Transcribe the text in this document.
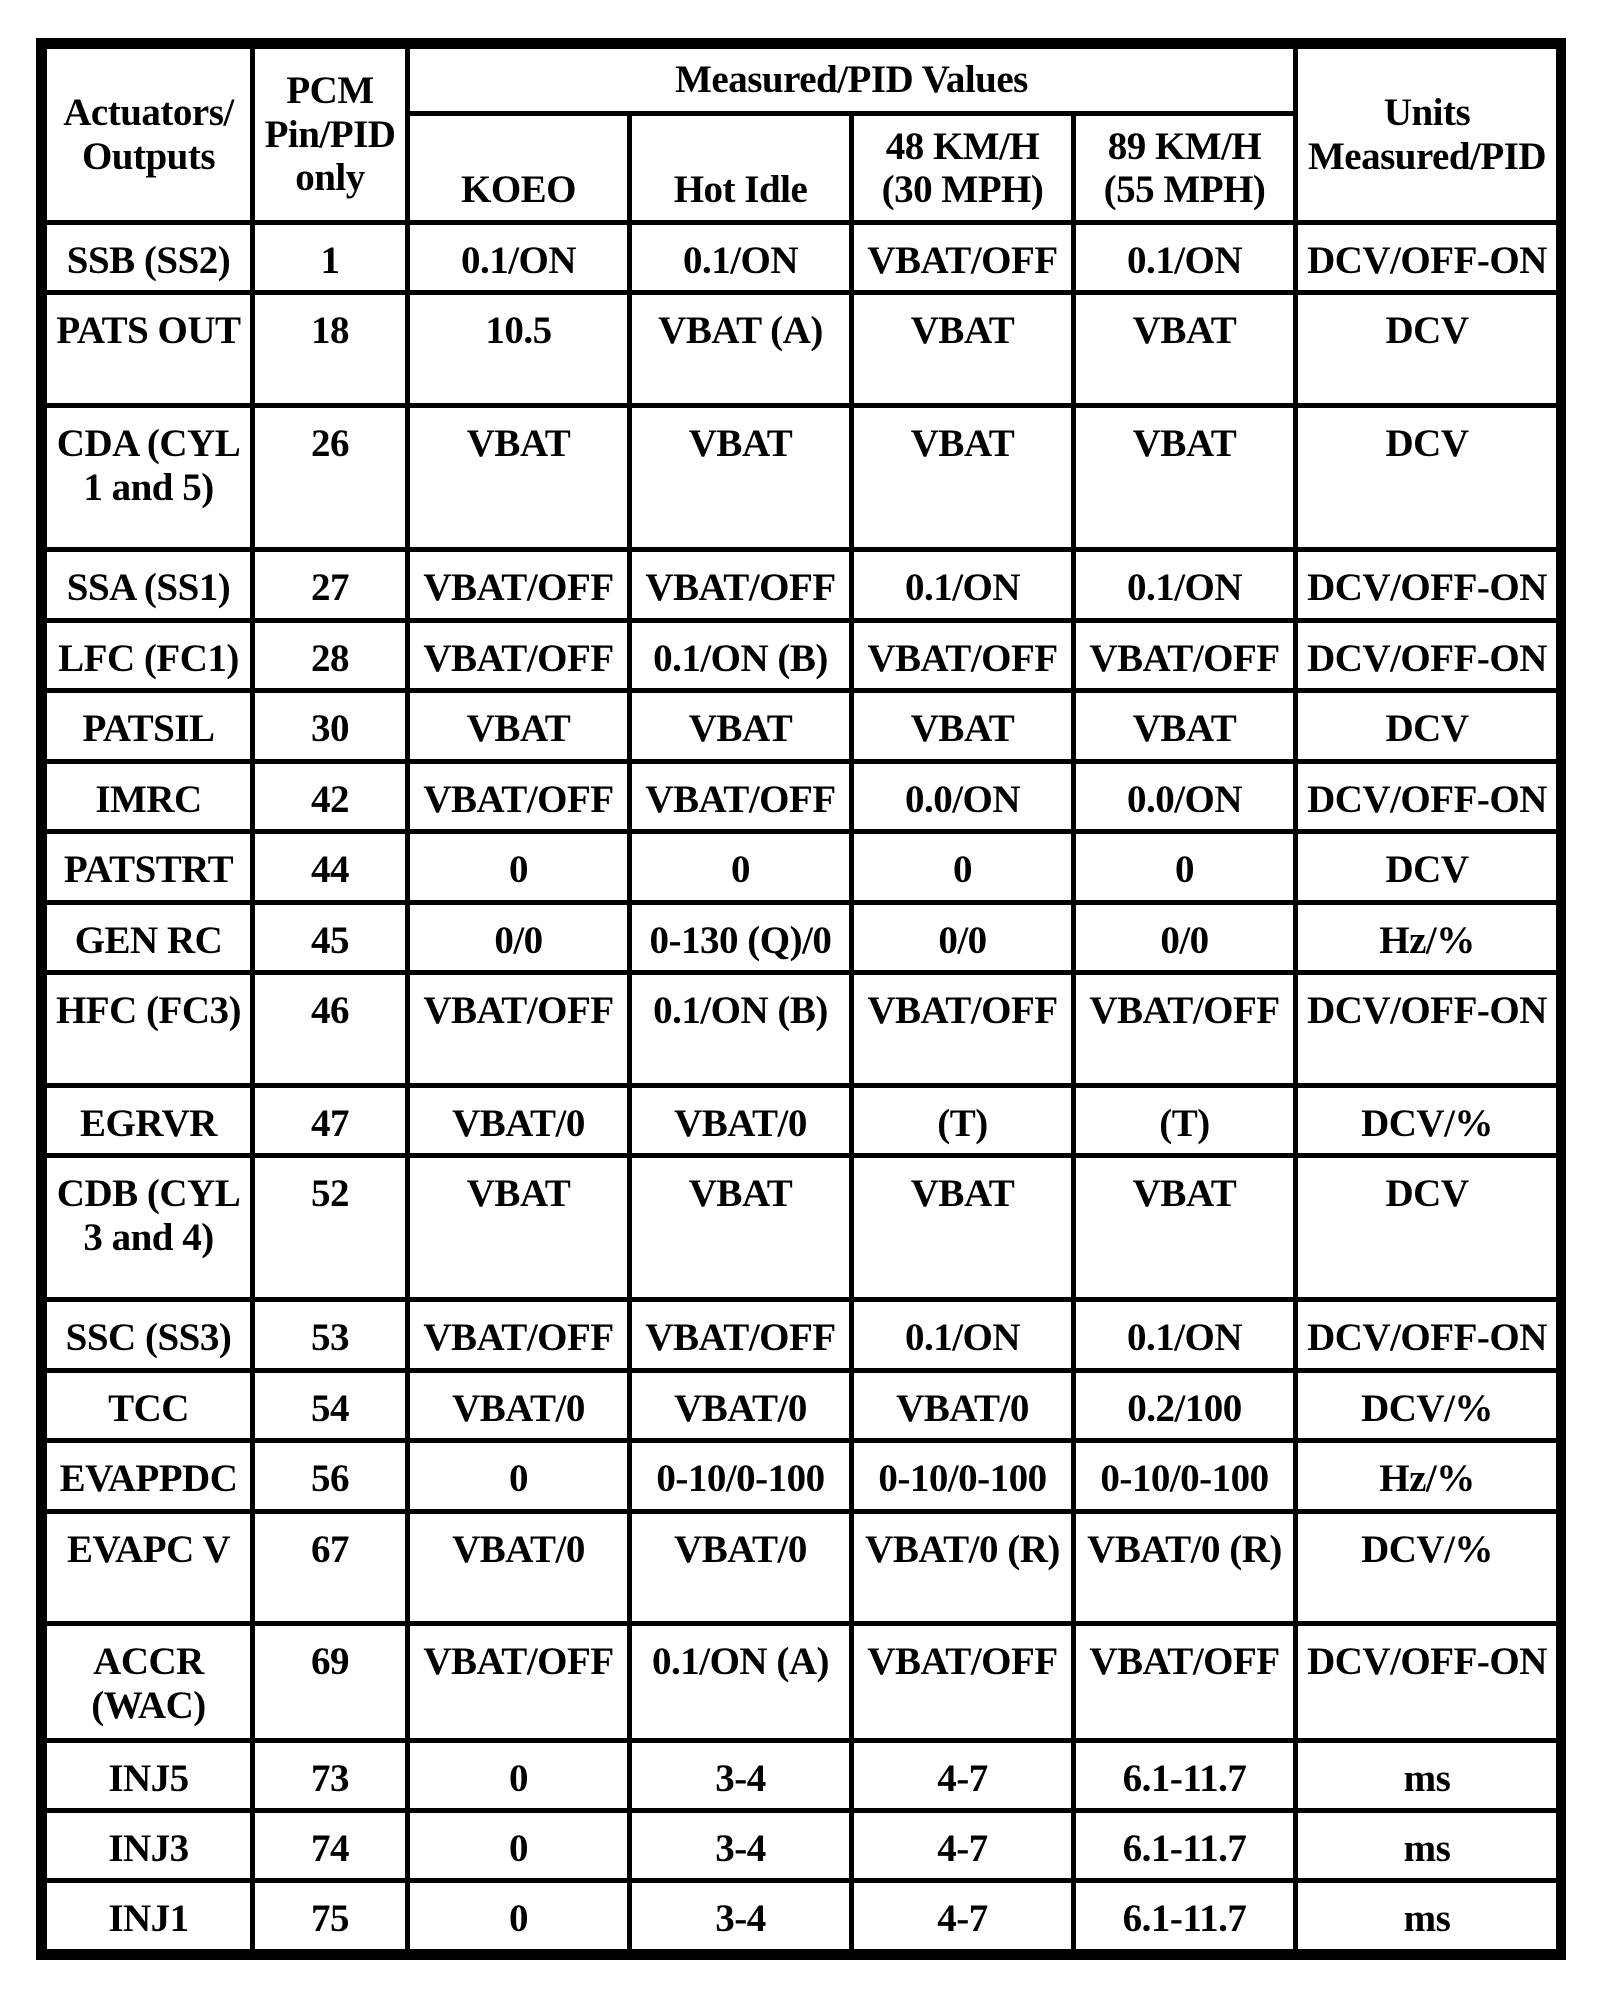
Actuators/ Outputs	PCM Pin/PID only	Measured/PID Values				Units Measured/PID
		KOEO	Hot Idle	48 KM/H (30 MPH)	89 KM/H (55 MPH)	
SSB (SS2)	1	0.1/ON	0.1/ON	VBAT/OFF	0.1/ON	DCV/OFF-ON
PATS OUT	18	10.5	VBAT (A)	VBAT	VBAT	DCV
CDA (CYL 1 and 5)	26	VBAT	VBAT	VBAT	VBAT	DCV
SSA (SS1)	27	VBAT/OFF	VBAT/OFF	0.1/ON	0.1/ON	DCV/OFF-ON
LFC (FC1)	28	VBAT/OFF	0.1/ON (B)	VBAT/OFF	VBAT/OFF	DCV/OFF-ON
PATSIL	30	VBAT	VBAT	VBAT	VBAT	DCV
IMRC	42	VBAT/OFF	VBAT/OFF	0.0/ON	0.0/ON	DCV/OFF-ON
PATSTRT	44	0	0	0	0	DCV
GEN RC	45	0/0	0-130 (Q)/0	0/0	0/0	Hz/%
HFC (FC3)	46	VBAT/OFF	0.1/ON (B)	VBAT/OFF	VBAT/OFF	DCV/OFF-ON
EGRVR	47	VBAT/0	VBAT/0	(T)	(T)	DCV/%
CDB (CYL 3 and 4)	52	VBAT	VBAT	VBAT	VBAT	DCV
SSC (SS3)	53	VBAT/OFF	VBAT/OFF	0.1/ON	0.1/ON	DCV/OFF-ON
TCC	54	VBAT/0	VBAT/0	VBAT/0	0.2/100	DCV/%
EVAPPDC	56	0	0-10/0-100	0-10/0-100	0-10/0-100	Hz/%
EVAPC V	67	VBAT/0	VBAT/0	VBAT/0 (R)	VBAT/0 (R)	DCV/%
ACCR (WAC)	69	VBAT/OFF	0.1/ON (A)	VBAT/OFF	VBAT/OFF	DCV/OFF-ON
INJ5	73	0	3-4	4-7	6.1-11.7	ms
INJ3	74	0	3-4	4-7	6.1-11.7	ms
INJ1	75	0	3-4	4-7	6.1-11.7	ms
